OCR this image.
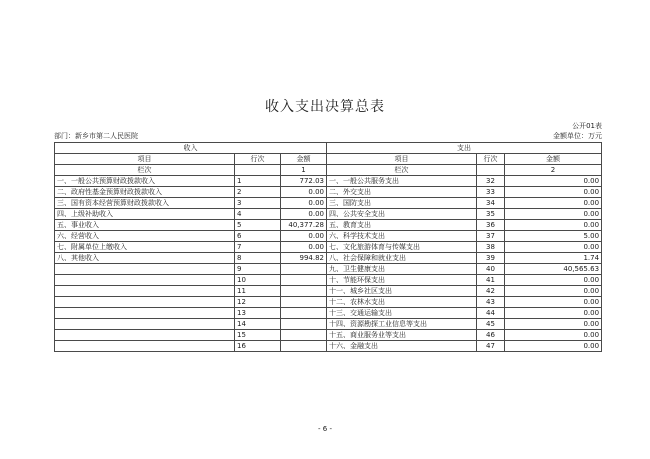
收入支出决算总表
公开01表
部门：新乡市第二人民医院	金额单位：万元
收入			支出		
项目	行次	金额	项目	行次	金额
栏次		1	栏次		2
一、一般公共预算财政拨款收入	1	772.03	一、一般公共服务支出	32	0.00
二、政府性基金预算财政拨款收入	2	0.00	二、外交支出	33	0.00
三、国有资本经营预算财政拨款收入	3	0.00	三、国防支出	34	0.00
四、上级补助收入	4	0.00	四、公共安全支出	35	0.00
五、事业收入	5	40,377.28	五、教育支出	36	0.00
六、经营收入	6	0.00	六、科学技术支出	37	5.00
七、附属单位上缴收入	7	0.00	七、文化旅游体育与传媒支出	38	0.00
八、其他收入	8	994.82	八、社会保障和就业支出	39	1.74
	9		九、卫生健康支出	40	40,565.63
	10		十、节能环保支出	41	0.00
	11		十一、城乡社区支出	42	0.00
	12		十二、农林水支出	43	0.00
	13		十三、交通运输支出	44	0.00
	14		十四、资源勘探工业信息等支出	45	0.00
	15		十五、商业服务业等支出	46	0.00
	16		十六、金融支出	47	0.00
- 6 -
